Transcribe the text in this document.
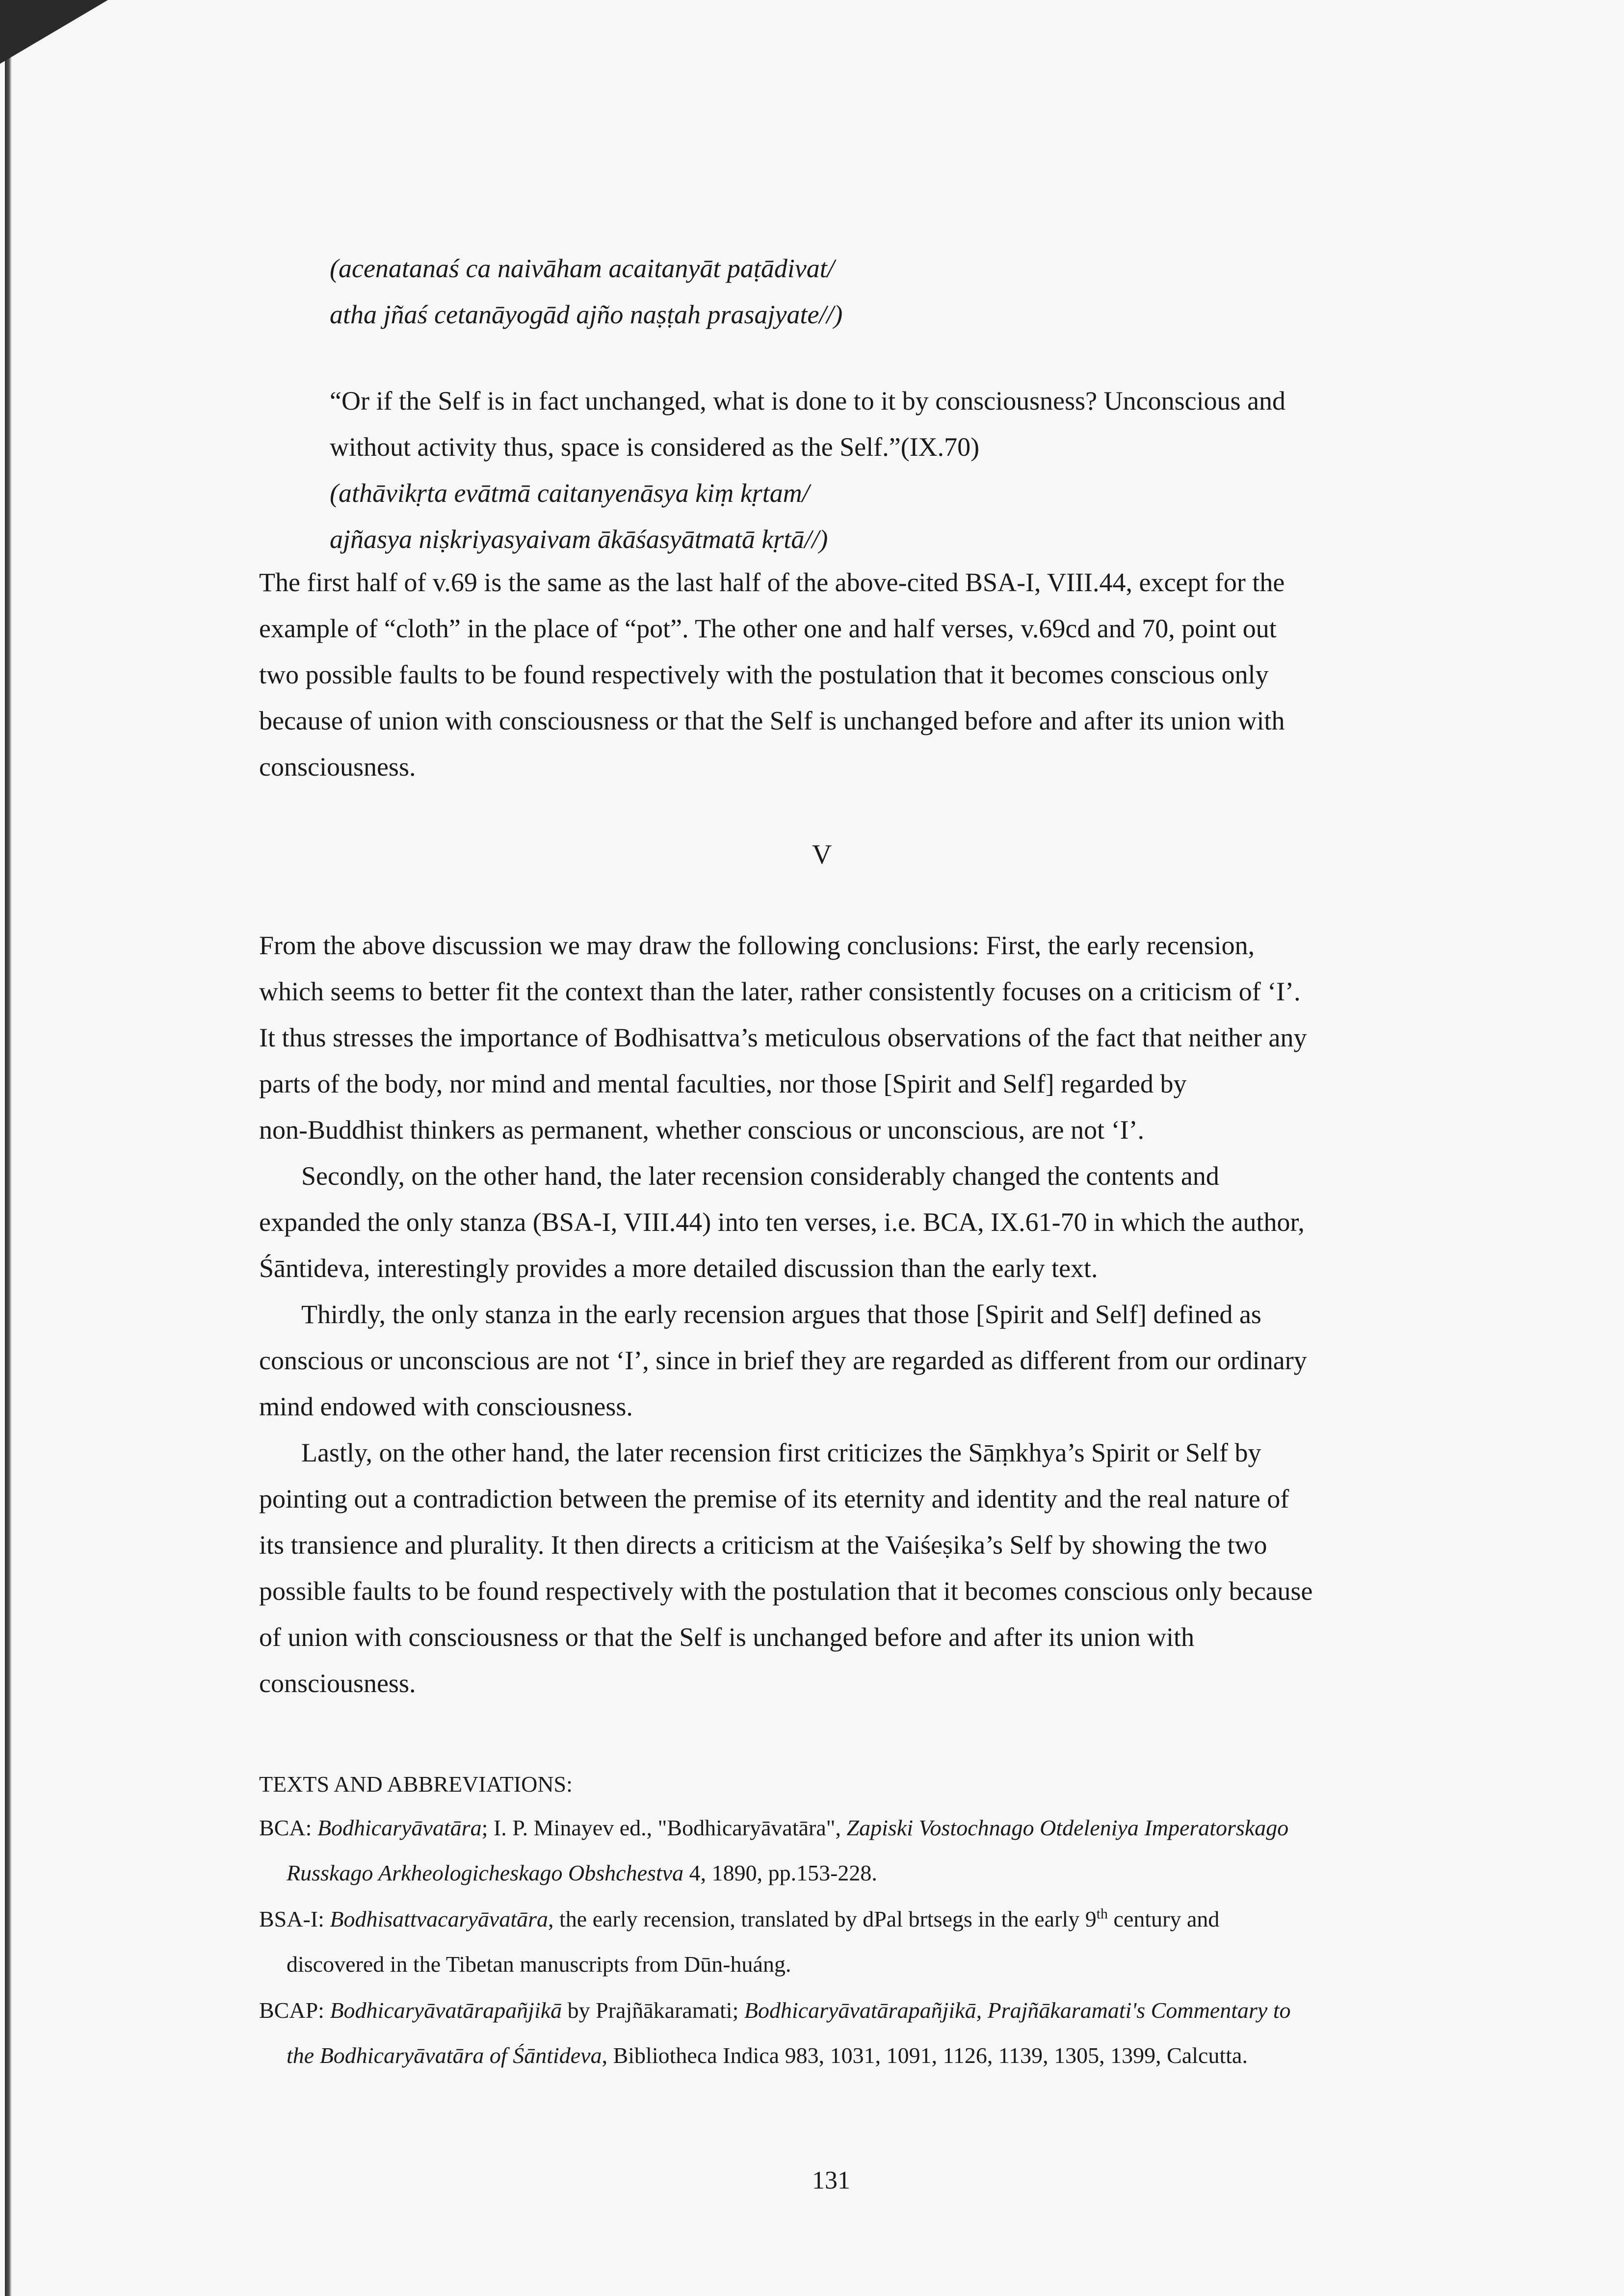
(acenatanaś ca naivāham acaitanyāt paṭādivat/
atha jñaś cetanāyogād ajño naṣṭah prasajyate//)
“Or if the Self is in fact unchanged, what is done to it by consciousness? Unconscious and
without activity thus, space is considered as the Self.”(IX.70)
(athāvikṛta evātmā caitanyenāsya kiṃ kṛtam/
ajñasya niṣkriyasyaivam ākāśasyātmatā kṛtā//)
The first half of v.69 is the same as the last half of the above-cited BSA-I, VIII.44, except for the
example of “cloth” in the place of “pot”. The other one and half verses, v.69cd and 70, point out
two possible faults to be found respectively with the postulation that it becomes conscious only
because of union with consciousness or that the Self is unchanged before and after its union with
consciousness.
V
From the above discussion we may draw the following conclusions: First, the early recension,
which seems to better fit the context than the later, rather consistently focuses on a criticism of ‘I’.
It thus stresses the importance of Bodhisattva’s meticulous observations of the fact that neither any
parts of the body, nor mind and mental faculties, nor those [Spirit and Self] regarded by
non-Buddhist thinkers as permanent, whether conscious or unconscious, are not ‘I’.
Secondly, on the other hand, the later recension considerably changed the contents and
expanded the only stanza (BSA-I, VIII.44) into ten verses, i.e. BCA, IX.61-70 in which the author,
Śāntideva, interestingly provides a more detailed discussion than the early text.
Thirdly, the only stanza in the early recension argues that those [Spirit and Self] defined as
conscious or unconscious are not ‘I’, since in brief they are regarded as different from our ordinary
mind endowed with consciousness.
Lastly, on the other hand, the later recension first criticizes the Sāṃkhya’s Spirit or Self by
pointing out a contradiction between the premise of its eternity and identity and the real nature of
its transience and plurality. It then directs a criticism at the Vaiśeṣika’s Self by showing the two
possible faults to be found respectively with the postulation that it becomes conscious only because
of union with consciousness or that the Self is unchanged before and after its union with
consciousness.
TEXTS AND ABBREVIATIONS:
BCA: Bodhicaryāvatāra; I. P. Minayev ed., "Bodhicaryāvatāra", Zapiski Vostochnago Otdeleniya Imperatorskago
Russkago Arkheologicheskago Obshchestva 4, 1890, pp.153-228.
BSA-I: Bodhisattvacaryāvatāra, the early recension, translated by dPal brtsegs in the early 9th century and
discovered in the Tibetan manuscripts from Dūn-huáng.
BCAP: Bodhicaryāvatārapañjikā by Prajñākaramati; Bodhicaryāvatārapañjikā, Prajñākaramati's Commentary to
the Bodhicaryāvatāra of Śāntideva, Bibliotheca Indica 983, 1031, 1091, 1126, 1139, 1305, 1399, Calcutta.
131
